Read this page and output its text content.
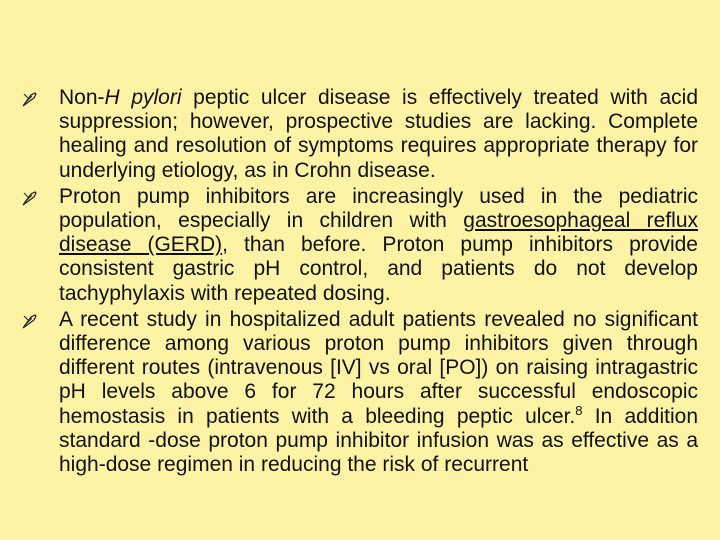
Non-H pylori peptic ulcer disease is effectively treated with acid suppression; however, prospective studies are lacking. Complete healing and resolution of symptoms requires appropriate therapy for underlying etiology, as in Crohn disease.
Proton pump inhibitors are increasingly used in the pediatric population, especially in children with gastroesophageal reflux disease (GERD), than before. Proton pump inhibitors provide consistent gastric pH control, and patients do not develop tachyphylaxis with repeated dosing.
A recent study in hospitalized adult patients revealed no significant difference among various proton pump inhibitors given through different routes (intravenous [IV] vs oral [PO]) on raising intragastric pH levels above 6 for 72 hours after successful endoscopic hemostasis in patients with a bleeding peptic ulcer.$^8$ In addition standard -dose proton pump inhibitor infusion was as effective as a high-dose regimen in reducing the risk of recurrent
